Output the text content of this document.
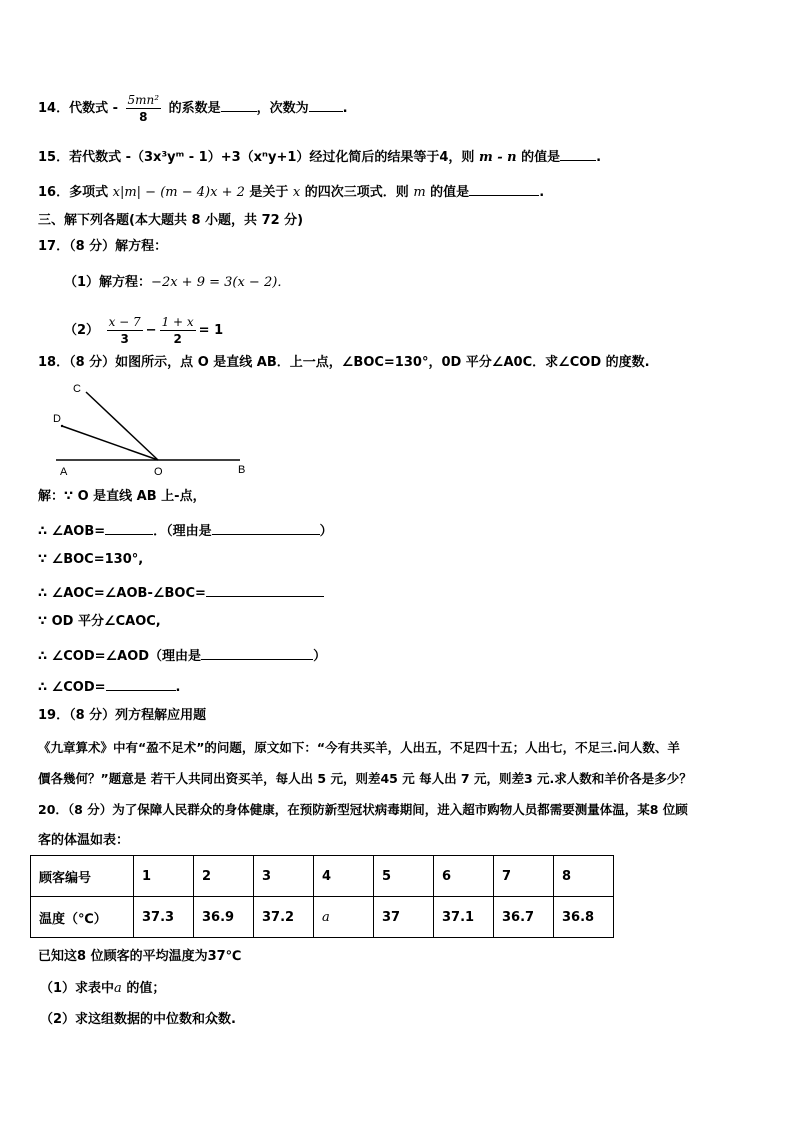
14．代数式 - $\frac{\text{5mn²}}{8}$ 的系数是	，次数为	.
15．若代数式 -（3x³yᵐ - 1）+3（xⁿy+1）经过化简后的结果等于4，则 m - n 的值是	.
16．多项式 x|m| − (m − 4)x + 2 是关于 x 的四次三项式．则 m 的值是	.
三、解下列各题(本大题共 8 小题，共 72 分)
17．（8 分）解方程：
（1）解方程：−2x + 9 = 3(x − 2)．
$(2) \frac{x - 7}{3} - \frac{1 + x}{2} = 1$
18．（8 分）如图所示，点 O 是直线 AB．上一点，∠BOC=130°，0D 平分∠A0C．求∠COD 的度数.
C
D
A	O	B
解：∵ O 是直线 AB 上-点，
∴ ∠AOB=	．（理由是	）
∵ ∠BOC=130°,
∴ ∠AOC=∠AOB-∠BOC=
∵ OD 平分∠CAOC,
∴ ∠COD=∠AOD（理由是	）
∴ ∠COD=	.
19．（8 分）列方程解应用题
《九章算术》中有“盈不足术”的问题，原文如下：“今有共买羊，人出五，不足四十五；人出七，不足三.问人数、羊
價各幾何？”题意是 若干人共同出资买羊，每人出 5 元，则差45 元 每人出 7 元，则差3 元.求人数和羊价各是多少？
20．（8 分）为了保障人民群众的身体健康，在预防新型冠状病毒期间，进入超市购物人员都需要测量体温，某8 位顾
客的体温如表：
顾客编号	1	2	3	4	5	6	7	8
温度（℃）	37.3	36.9	37.2	a	37	37.1	36.7	36.8
已知这8 位顾客的平均温度为37℃
（1）求表中a 的值；
（2）求这组数据的中位数和众数.
